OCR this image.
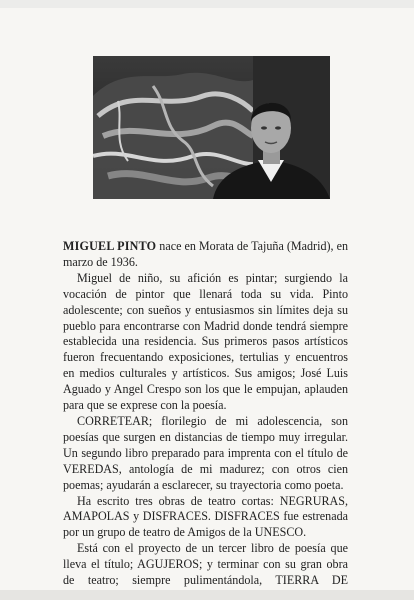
MIGUEL PINTO nace en Morata de Tajuña (Madrid), en marzo de 1936.

Miguel de niño, su afición es pintar; surgiendo la vocación de pintor que llenará toda su vida. Pinto adolescente; con sueños y entusiasmos sin límites deja su pueblo para encontrarse con Madrid donde tendrá siempre establecida una residencia. Sus primeros pasos artísticos fueron frecuentando exposiciones, tertulias y encuentros en medios culturales y artísticos. Sus amigos; José Luis Aguado y Angel Crespo son los que le empujan, aplauden para que se exprese con la poesía.

CORRETEAR; florilegio de mi adolescencia, son poesías que surgen en distancias de tiempo muy irregular. Un segundo libro preparado para imprenta con el título de VEREDAS, antología de mi madurez; con otros cien poemas; ayudarán a esclarecer, su trayectoria como poeta.

Ha escrito tres obras de teatro cortas: NEGRURAS, AMAPOLAS y DISFRACES. DISFRACES fue estrenada por un grupo de teatro de Amigos de la UNESCO.

Está con el proyecto de un tercer libro de poesía que lleva el título; AGUJEROS; y terminar con su gran obra de teatro; siempre pulimentándola, TIERRA DE
